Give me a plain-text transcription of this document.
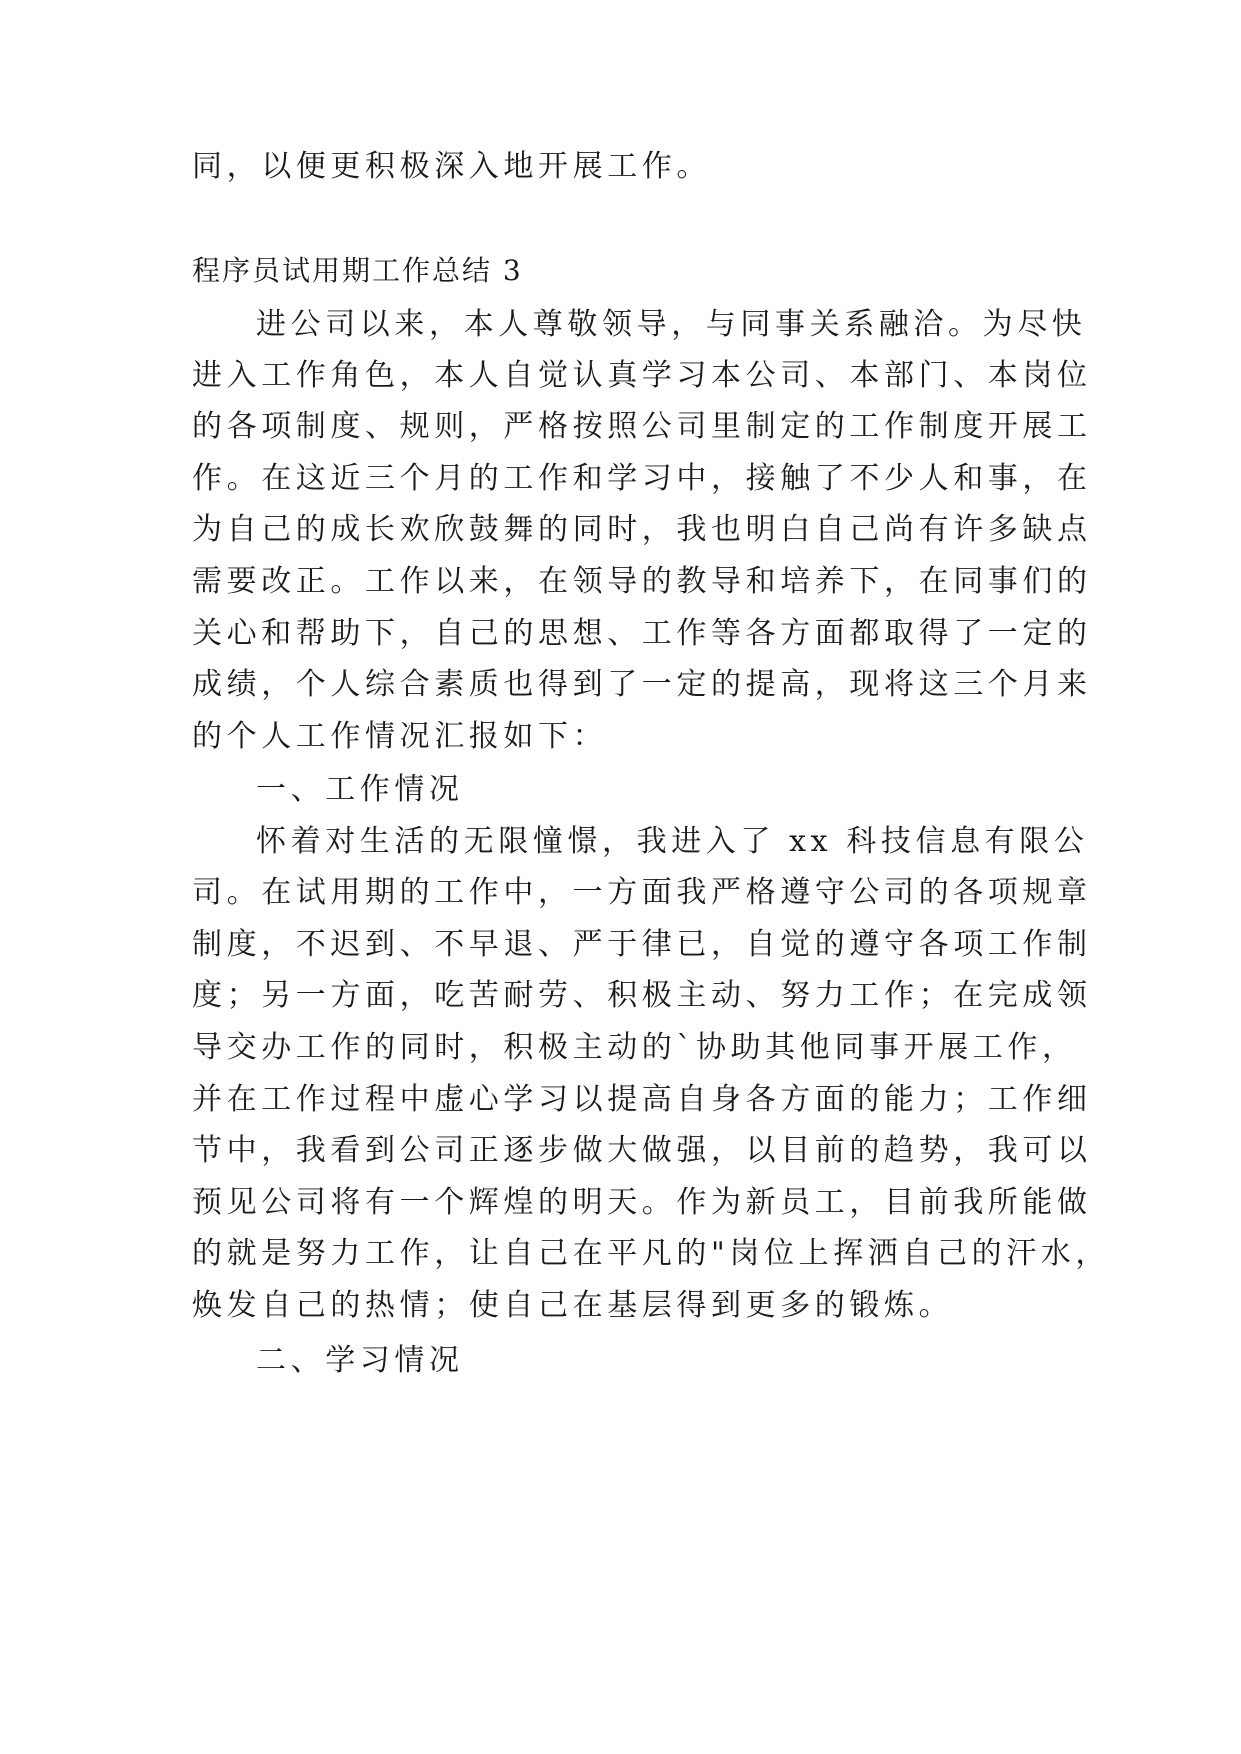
同，以便更积极深入地开展工作。
程序员试用期工作总结 3
进公司以来，本人尊敬领导，与同事关系融洽。为尽快
进入工作角色，本人自觉认真学习本公司、本部门、本岗位
的各项制度、规则，严格按照公司里制定的工作制度开展工
作。在这近三个月的工作和学习中，接触了不少人和事，在
为自己的成长欢欣鼓舞的同时，我也明白自己尚有许多缺点
需要改正。工作以来，在领导的教导和培养下，在同事们的
关心和帮助下，自己的思想、工作等各方面都取得了一定的
成绩，个人综合素质也得到了一定的提高，现将这三个月来
的个人工作情况汇报如下：
一、工作情况
怀着对生活的无限憧憬，我进入了 xx 科技信息有限公
司。在试用期的工作中，一方面我严格遵守公司的各项规章
制度，不迟到、不早退、严于律已，自觉的遵守各项工作制
度；另一方面，吃苦耐劳、积极主动、努力工作；在完成领
导交办工作的同时，积极主动的`协助其他同事开展工作，
并在工作过程中虚心学习以提高自身各方面的能力；工作细
节中，我看到公司正逐步做大做强，以目前的趋势，我可以
预见公司将有一个辉煌的明天。作为新员工，目前我所能做
的就是努力工作，让自己在平凡的"岗位上挥洒自己的汗水，
焕发自己的热情；使自己在基层得到更多的锻炼。
二、学习情况
